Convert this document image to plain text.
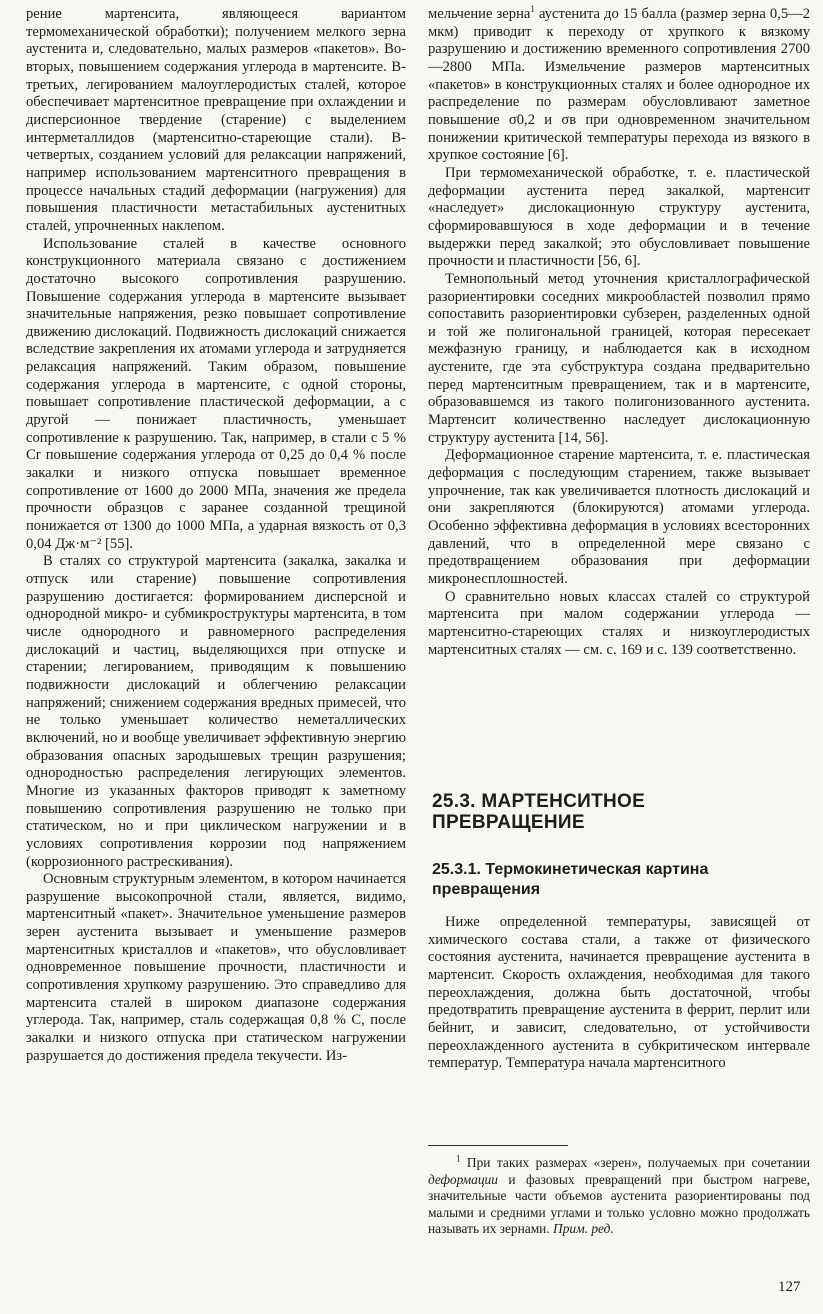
рение мартенсита, являющееся вариантом термомеханической обработки); получением мелкого зерна аустенита и, следовательно, малых размеров «пакетов». Во-вторых, повышением содержания углерода в мартенсите. В-третьих, легированием малоуглеродистых сталей, которое обеспечивает мартенситное превращение при охлаждении и дисперсионное твердение (старение) с выделением интерметаллидов (мартенситно-стареющие стали). В-четвертых, созданием условий для релаксации напряжений, например использованием мартенситного превращения в процессе начальных стадий деформации (нагружения) для повышения пластичности метастабильных аустенитных сталей, упрочненных наклепом.

Использование сталей в качестве основного конструкционного материала связано с достижением достаточно высокого сопротивления разрушению. Повышение содержания углерода в мартенсите вызывает значительные напряжения, резко повышает сопротивление движению дислокаций. Подвижность дислокаций снижается вследствие закрепления их атомами углерода и затрудняется релаксация напряжений. Таким образом, повышение содержания углерода в мартенсите, с одной стороны, повышает сопротивление пластической деформации, а с другой — понижает пластичность, уменьшает сопротивление к разрушению. Так, например, в стали с 5 % Cr повышение содержания углерода от 0,25 до 0,4 % после закалки и низкого отпуска повышает временное сопротивление от 1600 до 2000 МПа, значения же предела прочности образцов с заранее созданной трещиной понижается от 1300 до 1000 МПа, а ударная вязкость от 0,3 0,04 Дж·м⁻² [55].

В сталях со структурой мартенсита (закалка, закалка и отпуск или старение) повышение сопротивления разрушению достигается: формированием дисперсной и однородной микро- и субмикроструктуры мартенсита, в том числе однородного и равномерного распределения дислокаций и частиц, выделяющихся при отпуске и старении; легированием, приводящим к повышению подвижности дислокаций и облегчению релаксации напряжений; снижением содержания вредных примесей, что не только уменьшает количество неметаллических включений, но и вообще увеличивает эффективную энергию образования опасных зародышевых трещин разрушения; однородностью распределения легирующих элементов. Многие из указанных факторов приводят к заметному повышению сопротивления разрушению не только при статическом, но и при циклическом нагружении и в условиях сопротивления коррозии под напряжением (коррозионного растрескивания).

Основным структурным элементом, в котором начинается разрушение высокопрочной стали, является, видимо, мартенситный «пакет». Значительное уменьшение размеров зерен аустенита вызывает и уменьшение размеров мартенситных кристаллов и «пакетов», что обусловливает одновременное повышение прочности, пластичности и сопротивления хрупкому разрушению. Это справедливо для мартенсита сталей в широком диапазоне содержания углерода. Так, например, сталь содержащая 0,8 % C, после закалки и низкого отпуска при статическом нагружении разрушается до достижения предела текучести. Из-

мельчение зерна$^1$ аустенита до 15 балла (размер зерна 0,5—2 мкм) приводит к переходу от хрупкого к вязкому разрушению и достижению временного сопротивления 2700—2800 МПа. Измельчение размеров мартенситных «пакетов» в конструкционных сталях и более однородное их распределение по размерам обусловливают заметное повышение σ0,2 и σв при одновременном значительном понижении критической температуры перехода из вязкого в хрупкое состояние [6].

При термомеханической обработке, т. е. пластической деформации аустенита перед закалкой, мартенсит «наследует» дислокационную структуру аустенита, сформировавшуюся в ходе деформации и в течение выдержки перед закалкой; это обусловливает повышение прочности и пластичности [56, 6].

Темнопольный метод уточнения кристаллографической разориентировки соседних микрообластей позволил прямо сопоставить разориентировки субзерен, разделенных одной и той же полигональной границей, которая пересекает межфазную границу, и наблюдается как в исходном аустените, где эта субструктура создана предварительно перед мартенситным превращением, так и в мартенсите, образовавшемся из такого полигонизованного аустенита. Мартенсит количественно наследует дислокационную структуру аустенита [14, 56].

Деформационное старение мартенсита, т. е. пластическая деформация с последующим старением, также вызывает упрочнение, так как увеличивается плотность дислокаций и они закрепляются (блокируются) атомами углерода. Особенно эффективна деформация в условиях всесторонних давлений, что в определенной мере связано с предотвращением образования при деформации микронесплошностей.

О сравнительно новых классах сталей со структурой мартенсита при малом содержании углерода — мартенситно-стареющих сталях и низкоуглеродистых мартенситных сталях — см. с. 169 и с. 139 соответственно.

25.3. МАРТЕНСИТНОЕ ПРЕВРАЩЕНИЕ
25.3.1. Термокинетическая картина превращения

Ниже определенной температуры, зависящей от химического состава стали, а также от физического состояния аустенита, начинается превращение аустенита в мартенсит. Скорость охлаждения, необходимая для такого переохлаждения, должна быть достаточной, чтобы предотвратить превращение аустенита в феррит, перлит или бейнит, и зависит, следовательно, от устойчивости переохлажденного аустенита в субкритическом интервале температур. Температура начала мартенситного

$^1$ При таких размерах «зерен», получаемых при сочетании деформации и фазовых превращений при быстром нагреве, значительные части объемов аустенита разориентированы под малыми и средними углами и только условно можно продолжать называть их зернами. Прим. ред.

127
